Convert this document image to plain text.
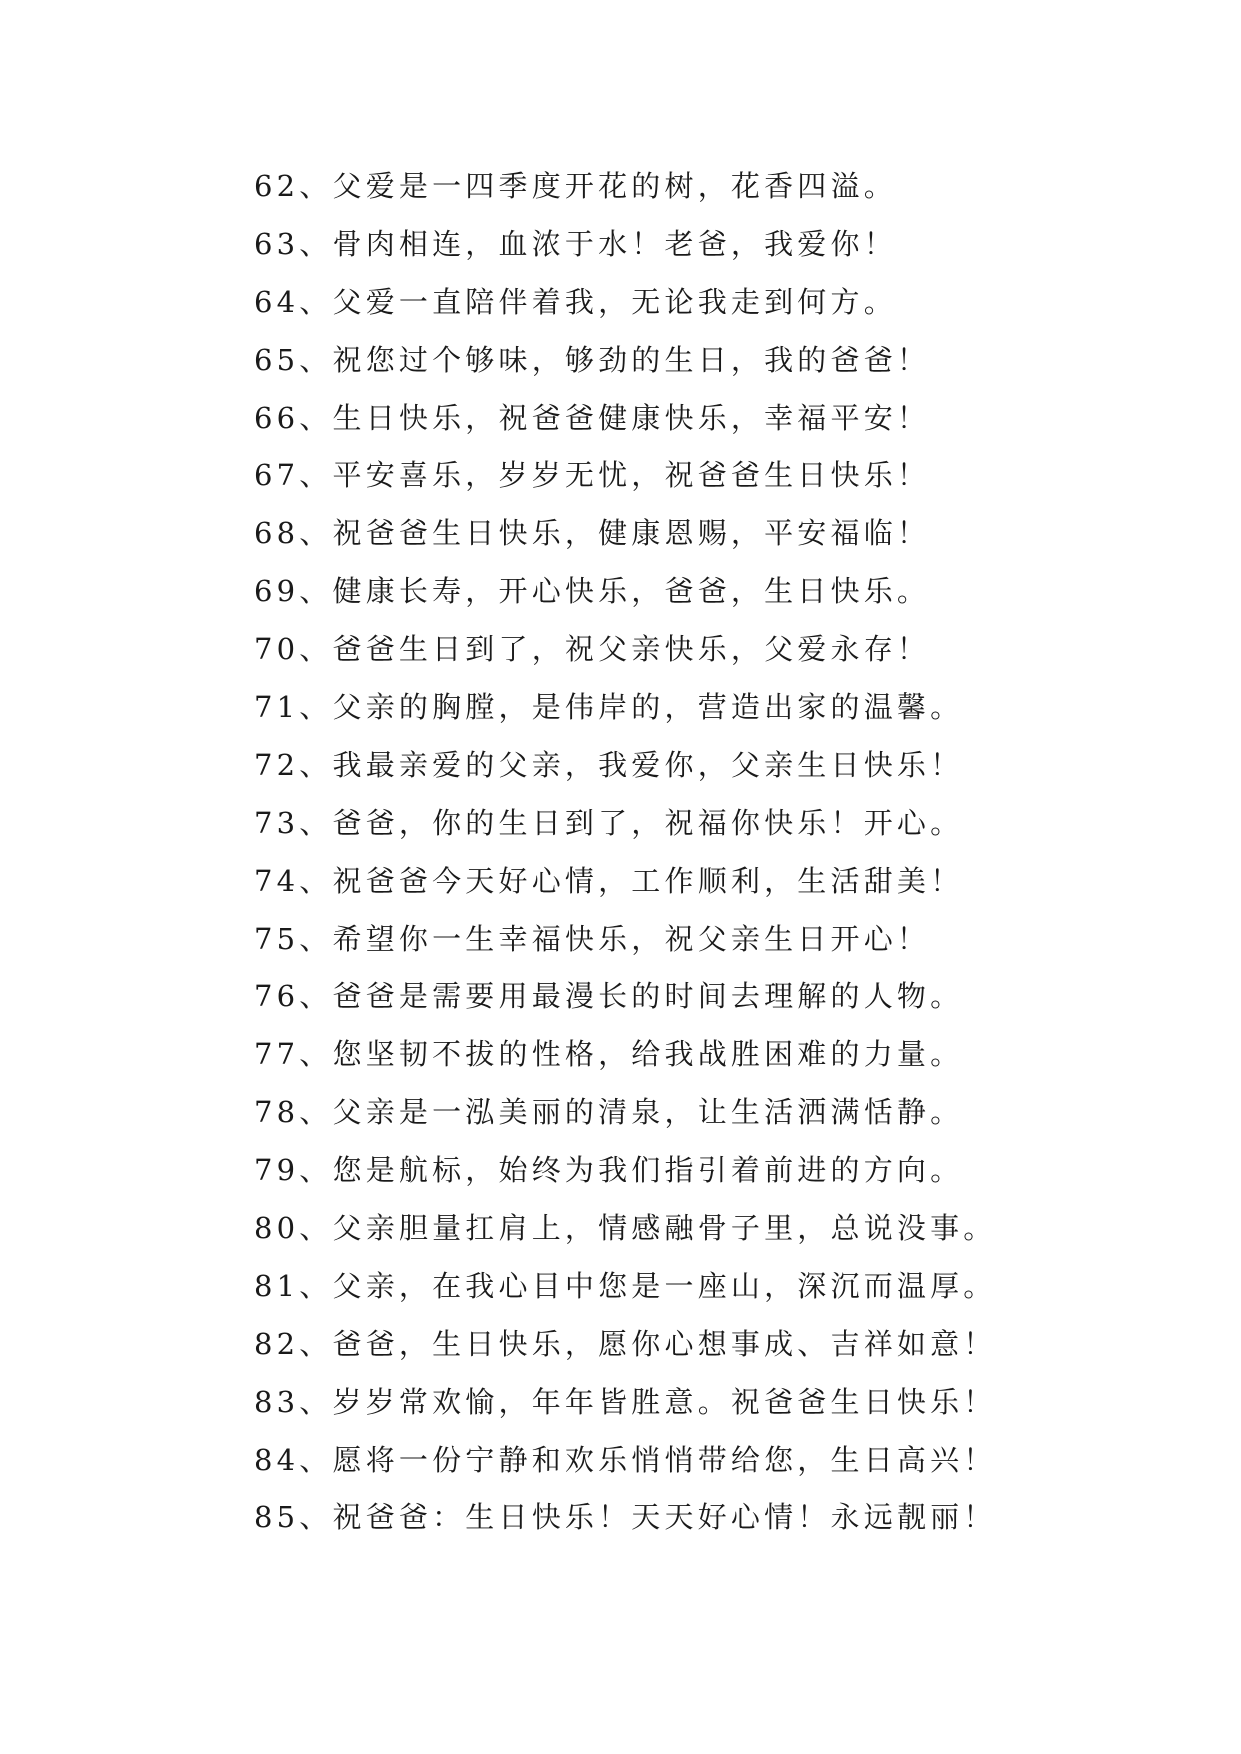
62、父爱是一四季度开花的树，花香四溢。
63、骨肉相连，血浓于水！老爸，我爱你！
64、父爱一直陪伴着我，无论我走到何方。
65、祝您过个够味，够劲的生日，我的爸爸！
66、生日快乐，祝爸爸健康快乐，幸福平安！
67、平安喜乐，岁岁无忧，祝爸爸生日快乐！
68、祝爸爸生日快乐，健康恩赐，平安福临！
69、健康长寿，开心快乐，爸爸，生日快乐。
70、爸爸生日到了，祝父亲快乐，父爱永存！
71、父亲的胸膛，是伟岸的，营造出家的温馨。
72、我最亲爱的父亲，我爱你，父亲生日快乐！
73、爸爸，你的生日到了，祝福你快乐！开心。
74、祝爸爸今天好心情，工作顺利，生活甜美！
75、希望你一生幸福快乐，祝父亲生日开心！
76、爸爸是需要用最漫长的时间去理解的人物。
77、您坚韧不拔的性格，给我战胜困难的力量。
78、父亲是一泓美丽的清泉，让生活洒满恬静。
79、您是航标，始终为我们指引着前进的方向。
80、父亲胆量扛肩上，情感融骨子里，总说没事。
81、父亲，在我心目中您是一座山，深沉而温厚。
82、爸爸，生日快乐，愿你心想事成、吉祥如意！
83、岁岁常欢愉，年年皆胜意。祝爸爸生日快乐！
84、愿将一份宁静和欢乐悄悄带给您，生日高兴！
85、祝爸爸：生日快乐！天天好心情！永远靓丽！
